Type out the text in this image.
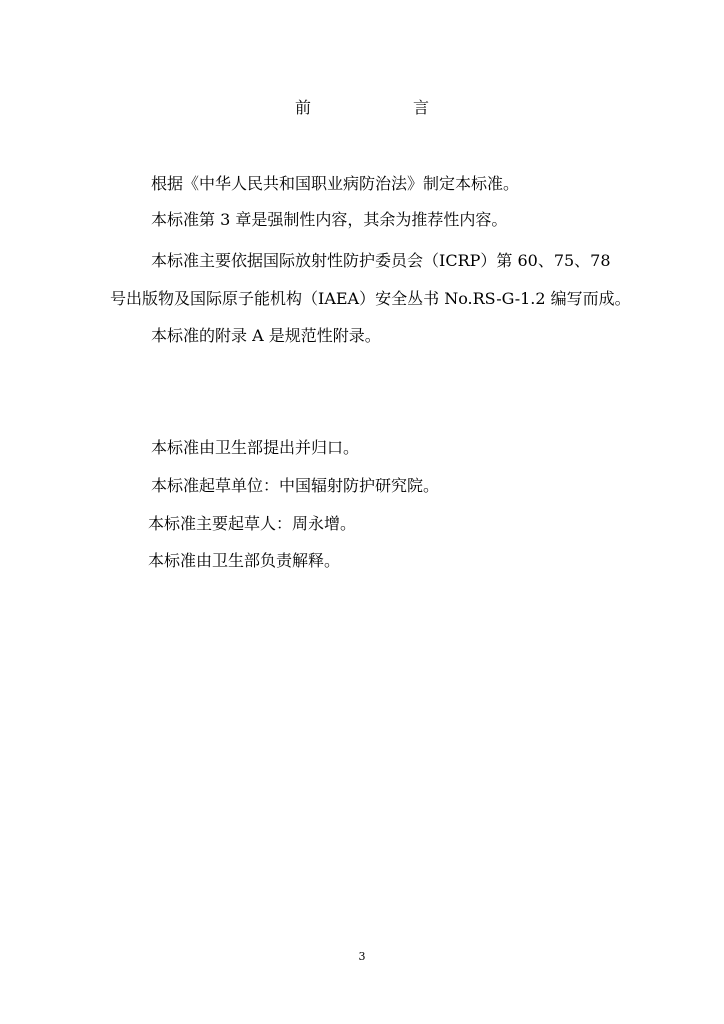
前	言
根据《中华人民共和国职业病防治法》制定本标准。
本标准第 3 章是强制性内容，其余为推荐性内容。
本标准主要依据国际放射性防护委员会（ICRP）第 60、75、78
号出版物及国际原子能机构（IAEA）安全丛书 No.RS-G-1.2 编写而成。
本标准的附录 A 是规范性附录。
本标准由卫生部提出并归口。
本标准起草单位：中国辐射防护研究院。
本标准主要起草人：周永增。
本标准由卫生部负责解释。
3
